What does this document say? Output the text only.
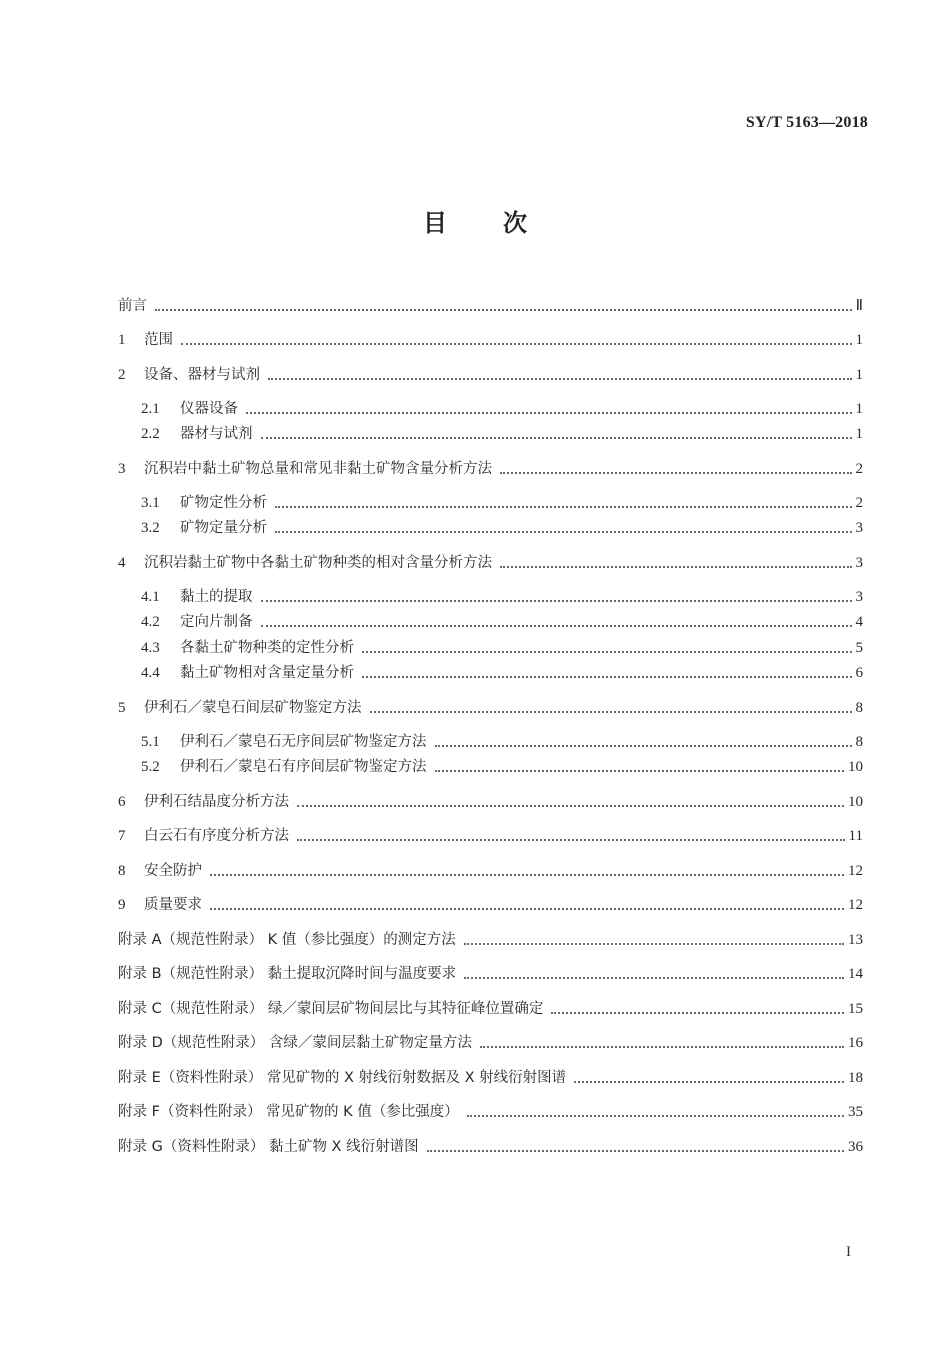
SY/T 5163—2018
目 次
前言	Ⅱ
1	范围	1
2	设备、器材与试剂	1
2.1	仪器设备	1
2.2	器材与试剂	1
3	沉积岩中黏土矿物总量和常见非黏土矿物含量分析方法	2
3.1	矿物定性分析	2
3.2	矿物定量分析	3
4	沉积岩黏土矿物中各黏土矿物种类的相对含量分析方法	3
4.1	黏土的提取	3
4.2	定向片制备	4
4.3	各黏土矿物种类的定性分析	5
4.4	黏土矿物相对含量定量分析	6
5	伊利石／蒙皂石间层矿物鉴定方法	8
5.1	伊利石／蒙皂石无序间层矿物鉴定方法	8
5.2	伊利石／蒙皂石有序间层矿物鉴定方法	10
6	伊利石结晶度分析方法	10
7	白云石有序度分析方法	11
8	安全防护	12
9	质量要求	12
附录 A（规范性附录） K 值（参比强度）的测定方法	13
附录 B（规范性附录） 黏土提取沉降时间与温度要求	14
附录 C（规范性附录） 绿／蒙间层矿物间层比与其特征峰位置确定	15
附录 D（规范性附录） 含绿／蒙间层黏土矿物定量方法	16
附录 E（资料性附录） 常见矿物的 X 射线衍射数据及 X 射线衍射图谱	18
附录 F（资料性附录） 常见矿物的 K 值（参比强度）	35
附录 G（资料性附录） 黏土矿物 X 线衍射谱图	36
I
